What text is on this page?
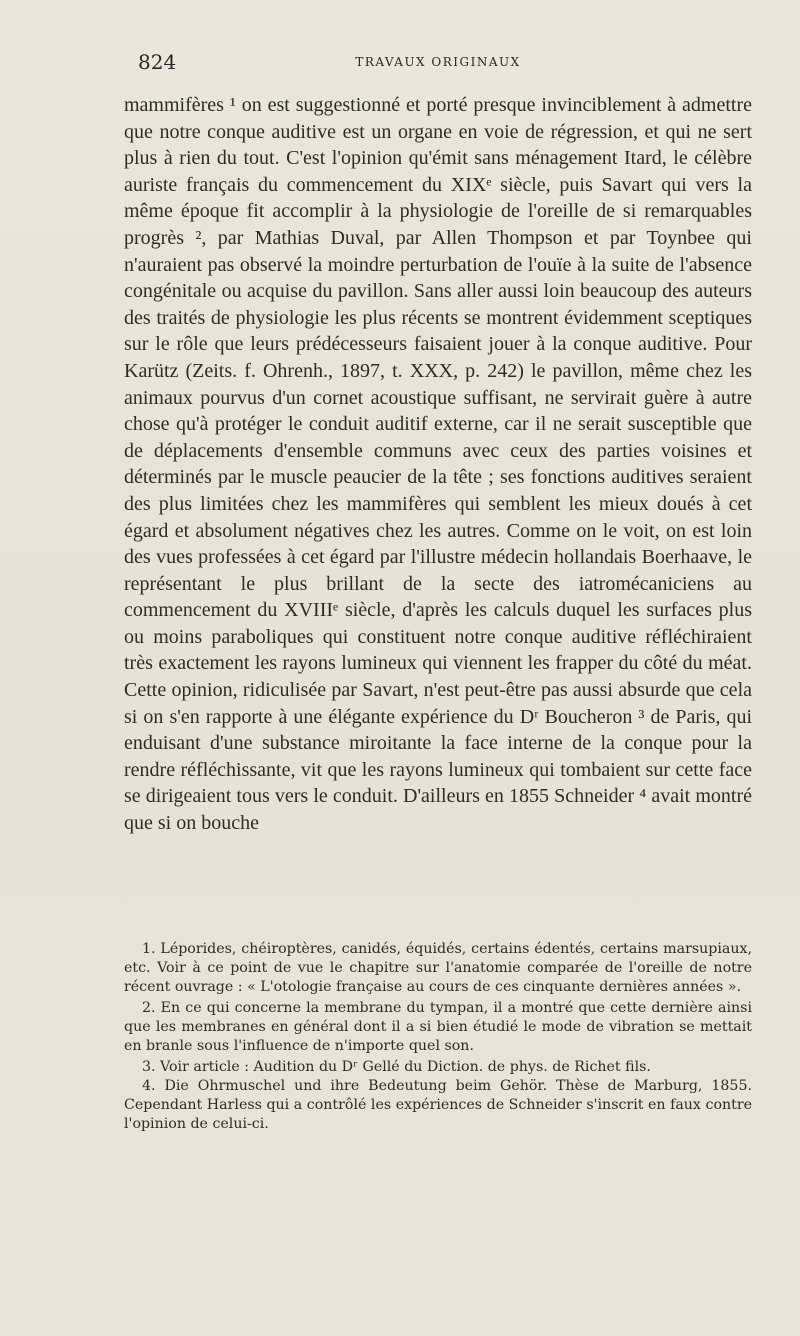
824	TRAVAUX ORIGINAUX

mammifères ¹ on est suggestionné et porté presque invinciblement à admettre que notre conque auditive est un organe en voie de régression, et qui ne sert plus à rien du tout. C'est l'opinion qu'émit sans ménagement Itard, le célèbre auriste français du commencement du XIXᵉ siècle, puis Savart qui vers la même époque fit accomplir à la physiologie de l'oreille de si remarquables progrès ², par Mathias Duval, par Allen Thompson et par Toynbee qui n'auraient pas observé la moindre perturbation de l'ouïe à la suite de l'absence congénitale ou acquise du pavillon. Sans aller aussi loin beaucoup des auteurs des traités de physiologie les plus récents se montrent évidemment sceptiques sur le rôle que leurs prédécesseurs faisaient jouer à la conque auditive. Pour Karütz (Zeits. f. Ohrenh., 1897, t. XXX, p. 242) le pavillon, même chez les animaux pourvus d'un cornet acoustique suffisant, ne servirait guère à autre chose qu'à protéger le conduit auditif externe, car il ne serait susceptible que de déplacements d'ensemble communs avec ceux des parties voisines et déterminés par le muscle peaucier de la tête ; ses fonctions auditives seraient des plus limitées chez les mammifères qui semblent les mieux doués à cet égard et absolument négatives chez les autres. Comme on le voit, on est loin des vues professées à cet égard par l'illustre médecin hollandais Boerhaave, le représentant le plus brillant de la secte des iatromécaniciens au commencement du XVIIIᵉ siècle, d'après les calculs duquel les surfaces plus ou moins paraboliques qui constituent notre conque auditive réfléchiraient très exactement les rayons lumineux qui viennent les frapper du côté du méat. Cette opinion, ridiculisée par Savart, n'est peut-être pas aussi absurde que cela si on s'en rapporte à une élégante expérience du Dʳ Boucheron ³ de Paris, qui enduisant d'une substance miroitante la face interne de la conque pour la rendre réfléchissante, vit que les rayons lumineux qui tombaient sur cette face se dirigeaient tous vers le conduit. D'ailleurs en 1855 Schneider ⁴ avait montré que si on bouche

1. Léporides, chéiroptères, canidés, équidés, certains édentés, certains marsupiaux, etc. Voir à ce point de vue le chapitre sur l'anatomie comparée de l'oreille de notre récent ouvrage : « L'otologie française au cours de ces cinquante dernières années ».

2. En ce qui concerne la membrane du tympan, il a montré que cette dernière ainsi que les membranes en général dont il a si bien étudié le mode de vibration se mettait en branle sous l'influence de n'importe quel son.

3. Voir article : Audition du Dʳ Gellé du Diction. de phys. de Richet fils.

4. Die Ohrmuschel und ihre Bedeutung beim Gehör. Thèse de Marburg, 1855. Cependant Harless qui a contrôlé les expériences de Schneider s'inscrit en faux contre l'opinion de celui-ci.
